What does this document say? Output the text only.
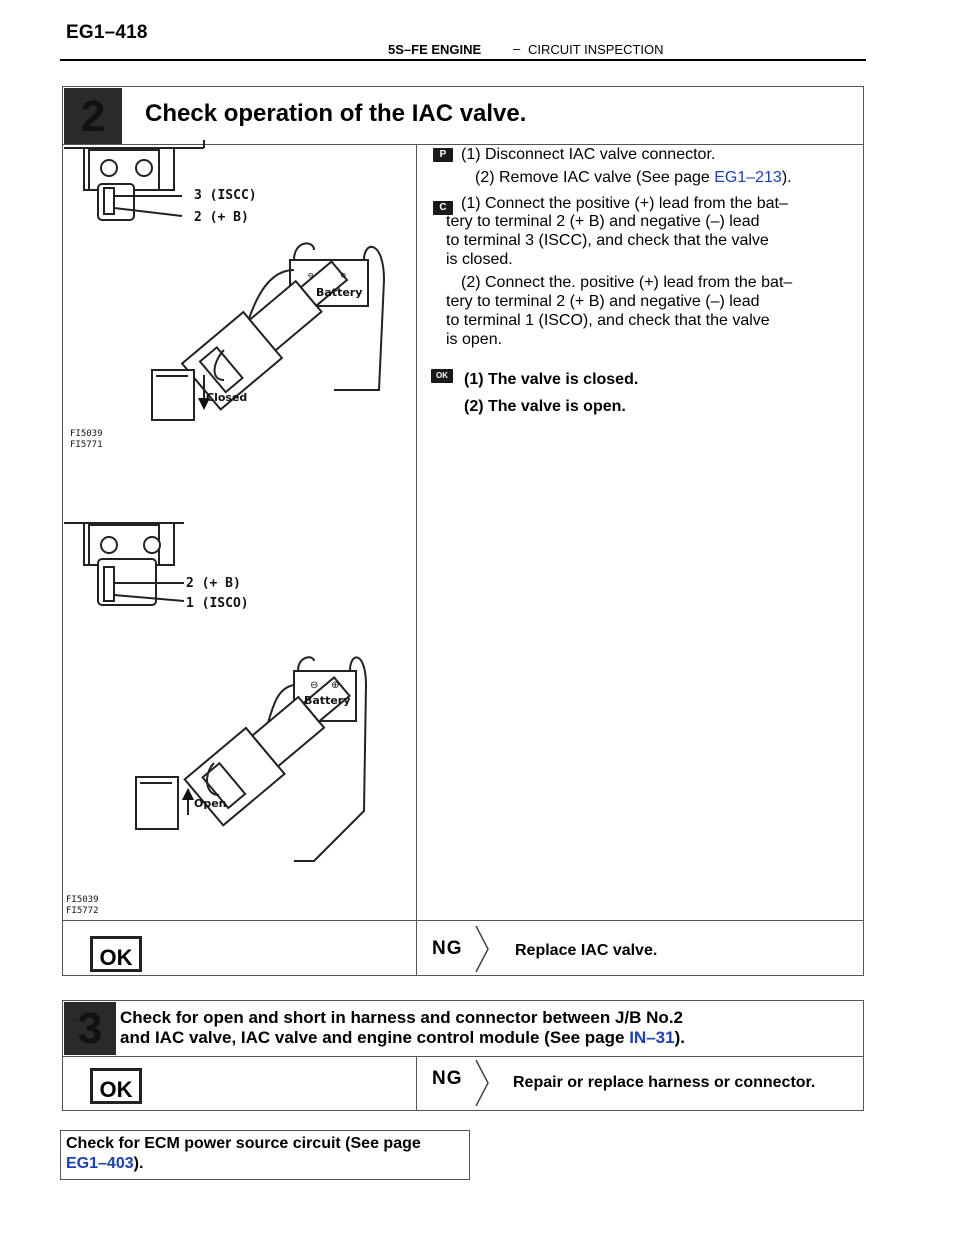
EG1–418
5S–FE ENGINE – CIRCUIT INSPECTION
2	Check operation of the IAC valve.
P (1) Disconnect IAC valve connector.
(2) Remove IAC valve (See page EG1–213).
C (1) Connect the positive (+) lead from the bat–
tery to terminal 2 (+ B) and negative (–) lead
to terminal 3 (ISCC), and check that the valve
is closed.
(2) Connect the. positive (+) lead from the bat–
tery to terminal 2 (+ B) and negative (–) lead
to terminal 1 (ISCO), and check that the valve
is open.
OK	(1) The valve is closed.
(2) The valve is open.
⊖     ⊕
3 (ISCC)
2 (+ B)
Battery
Closed
FI5039
FI5771
⊖    ⊕
2 (+ B)
1 (ISCO)
Battery
Open
FI5039
FI5772
OK	NG	Replace IAC valve.
3	Check for open and short in harness and connector between J/B No.2
and IAC valve, IAC valve and engine control module (See page IN–31).
OK	NG	Repair or replace harness or connector.
Check for ECM power source circuit (See page
EG1–403).
